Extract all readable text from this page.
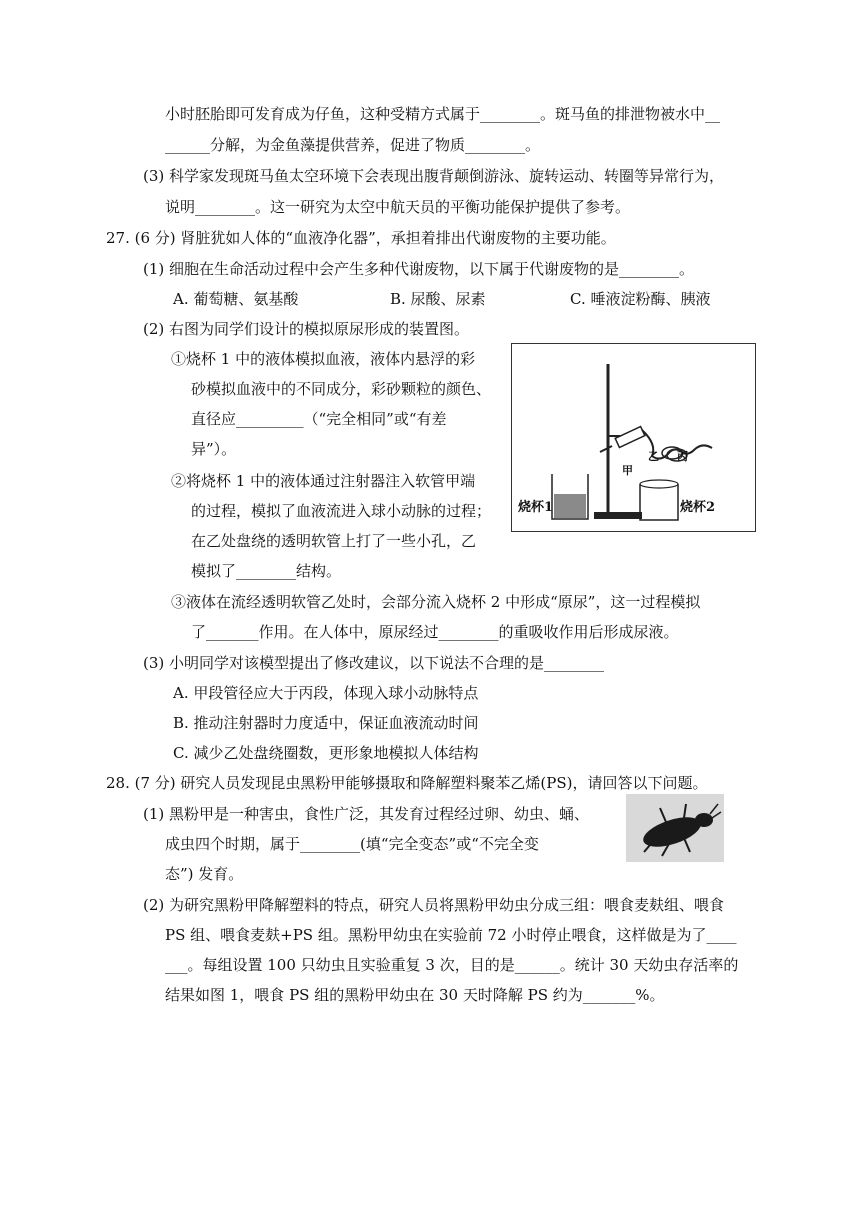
小时胚胎即可发育成为仔鱼，这种受精方式属于________。斑马鱼的排泄物被水中__
______分解，为金鱼藻提供营养，促进了物质________。
(3) 科学家发现斑马鱼太空环境下会表现出腹背颠倒游泳、旋转运动、转圈等异常行为，
说明________。这一研究为太空中航天员的平衡功能保护提供了参考。
27. (6 分) 肾脏犹如人体的“血液净化器”，承担着排出代谢废物的主要功能。
(1) 细胞在生命活动过程中会产生多种代谢废物，以下属于代谢废物的是________。
A. 葡萄糖、氨基酸	B. 尿酸、尿素	C. 唾液淀粉酶、胰液
(2) 右图为同学们设计的模拟原尿形成的装置图。
①烧杯 1 中的液体模拟血液，液体内悬浮的彩
砂模拟血液中的不同成分，彩砂颗粒的颜色、
直径应_________（“完全相同”或“有差
异”）。
②将烧杯 1 中的液体通过注射器注入软管甲端
的过程，模拟了血液流进入球小动脉的过程；
在乙处盘绕的透明软管上打了一些小孔，乙
模拟了________结构。
③液体在流经透明软管乙处时，会部分流入烧杯 2 中形成“原尿”，这一过程模拟
了_______作用。在人体中，原尿经过________的重吸收作用后形成尿液。
(3) 小明同学对该模型提出了修改建议，以下说法不合理的是________
A. 甲段管径应大于丙段，体现入球小动脉特点
B. 推动注射器时力度适中，保证血液流动时间
C. 减少乙处盘绕圈数，更形象地模拟人体结构
28. (7 分) 研究人员发现昆虫黑粉甲能够摄取和降解塑料聚苯乙烯(PS)，请回答以下问题。
(1) 黑粉甲是一种害虫，食性广泛，其发育过程经过卵、幼虫、蛹、
成虫四个时期，属于________(填“完全变态”或“不完全变
态”) 发育。
(2) 为研究黑粉甲降解塑料的特点，研究人员将黑粉甲幼虫分成三组：喂食麦麸组、喂食
PS 组、喂食麦麸+PS 组。黑粉甲幼虫在实验前 72 小时停止喂食，这样做是为了____
___。每组设置 100 只幼虫且实验重复 3 次，目的是______。统计 30 天幼虫存活率的
结果如图 1，喂食 PS 组的黑粉甲幼虫在 30 天时降解 PS 约为_______%。
烧杯1	烧杯2
甲
乙 丙
